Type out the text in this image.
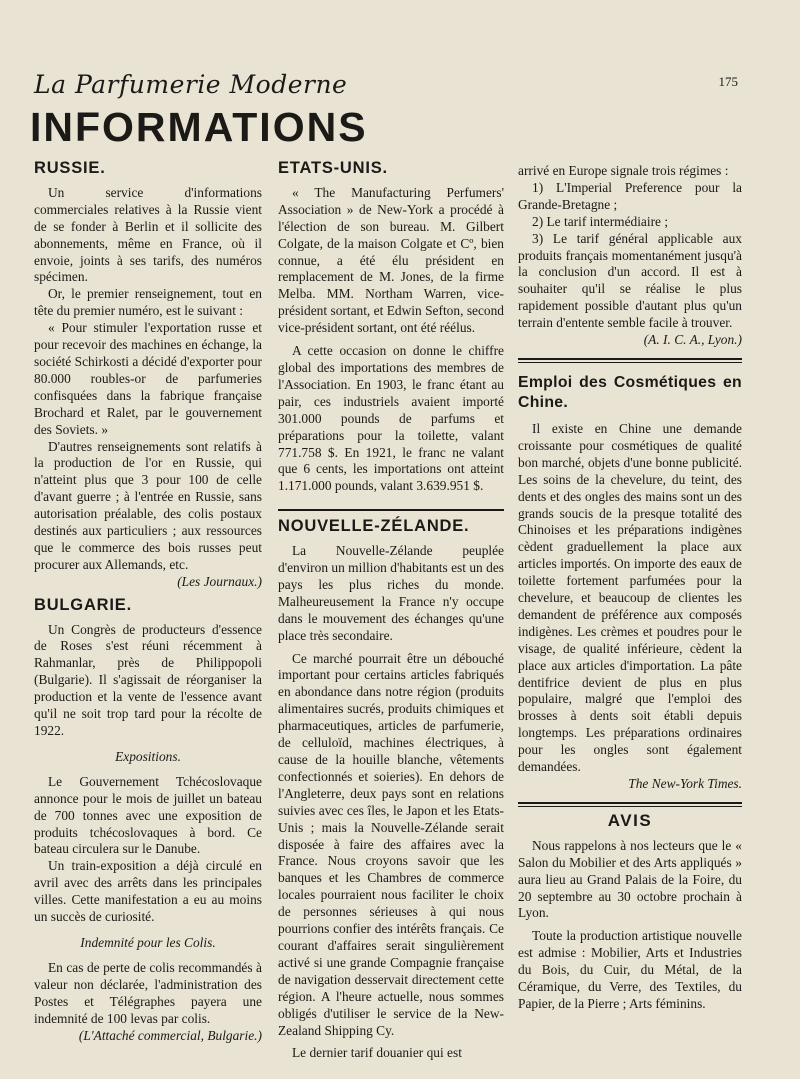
La Parfumerie Moderne	175
INFORMATIONS
RUSSIE.

Un service d'informations commerciales relatives à la Russie vient de se fonder à Berlin et il sollicite des abonnements, même en France, où il envoie, joints à ses tarifs, des numéros spécimen.

Or, le premier renseignement, tout en tête du premier numéro, est le suivant :

« Pour stimuler l'exportation russe et pour recevoir des machines en échange, la société Schirkosti a décidé d'exporter pour 80.000 roubles-or de parfumeries confisquées dans la fabrique française Brochard et Ralet, par le gouvernement des Soviets. »

D'autres renseignements sont relatifs à la production de l'or en Russie, qui n'atteint plus que 3 pour 100 de celle d'avant guerre ; à l'entrée en Russie, sans autorisation préalable, des colis postaux destinés aux particuliers ; aux ressources que le commerce des bois russes peut procurer aux Allemands, etc.

(Les Journaux.)

BULGARIE.

Un Congrès de producteurs d'essence de Roses s'est réuni récemment à Rahmanlar, près de Philippopoli (Bulgarie). Il s'agissait de réorganiser la production et la vente de l'essence avant qu'il ne soit trop tard pour la récolte de 1922.

Expositions.

Le Gouvernement Tchécoslovaque annonce pour le mois de juillet un bateau de 700 tonnes avec une exposition de produits tchécoslovaques à bord. Ce bateau circulera sur le Danube.

Un train-exposition a déjà circulé en avril avec des arrêts dans les principales villes. Cette manifestation a eu au moins un succès de curiosité.

Indemnité pour les Colis.

En cas de perte de colis recommandés à valeur non déclarée, l'administration des Postes et Télégraphes payera une indemnité de 100 levas par colis.

(L'Attaché commercial, Bulgarie.)

ETATS-UNIS.

« The Manufacturing Perfumers' Association » de New-York a procédé à l'élection de son bureau. M. Gilbert Colgate, de la maison Colgate et Cº, bien connue, a été élu président en remplacement de M. Jones, de la firme Melba. MM. Northam Warren, vice-président sortant, et Edwin Sefton, second vice-président sortant, ont été réélus.

A cette occasion on donne le chiffre global des importations des membres de l'Association. En 1903, le franc étant au pair, ces industriels avaient importé 301.000 pounds de parfums et préparations pour la toilette, valant 771.758 $. En 1921, le franc ne valant que 6 cents, les importations ont atteint 1.171.000 pounds, valant 3.639.951 $.

NOUVELLE-ZÉLANDE.

La Nouvelle-Zélande peuplée d'environ un million d'habitants est un des pays les plus riches du monde. Malheureusement la France n'y occupe dans le mouvement des échanges qu'une place très secondaire.

Ce marché pourrait être un débouché important pour certains articles fabriqués en abondance dans notre région (produits alimentaires sucrés, produits chimiques et pharmaceutiques, articles de parfumerie, de celluloïd, machines électriques, à cause de la houille blanche, vêtements confectionnés et soieries). En dehors de l'Angleterre, deux pays sont en relations suivies avec ces îles, le Japon et les Etats-Unis ; mais la Nouvelle-Zélande serait disposée à faire des affaires avec la France. Nous croyons savoir que les banques et les Chambres de commerce locales pourraient nous faciliter le choix de personnes sérieuses à qui nous pourrions confier des intérêts français. Ce courant d'affaires serait singulièrement activé si une grande Compagnie française de navigation desservait directement cette région. A l'heure actuelle, nous sommes obligés d'utiliser le service de la New-Zealand Shipping Cy.

Le dernier tarif douanier qui est

arrivé en Europe signale trois régimes :

1) L'Imperial Preference pour la Grande-Bretagne ;

2) Le tarif intermédiaire ;

3) Le tarif général applicable aux produits français momentanément jusqu'à la conclusion d'un accord. Il est à souhaiter qu'il se réalise le plus rapidement possible d'autant plus qu'un terrain d'entente semble facile à trouver.

(A. I. C. A., Lyon.)

Emploi des Cosmétiques en Chine.

Il existe en Chine une demande croissante pour cosmétiques de qualité bon marché, objets d'une bonne publicité. Les soins de la chevelure, du teint, des dents et des ongles des mains sont un des grands soucis de la presque totalité des Chinoises et les préparations indigènes cèdent graduellement la place aux articles importés. On importe des eaux de toilette fortement parfumées pour la chevelure, et beaucoup de clientes les demandent de préférence aux composés indigènes. Les crèmes et poudres pour le visage, de qualité inférieure, cèdent la place aux articles d'importation. La pâte dentifrice devient de plus en plus populaire, malgré que l'emploi des brosses à dents soit établi depuis longtemps. Les préparations ordinaires pour les ongles sont également demandées.

The New-York Times.

AVIS

Nous rappelons à nos lecteurs que le « Salon du Mobilier et des Arts appliqués » aura lieu au Grand Palais de la Foire, du 20 septembre au 30 octobre prochain à Lyon.

Toute la production artistique nouvelle est admise : Mobilier, Arts et Industries du Bois, du Cuir, du Métal, de la Céramique, du Verre, des Textiles, du Papier, de la Pierre ; Arts féminins.
